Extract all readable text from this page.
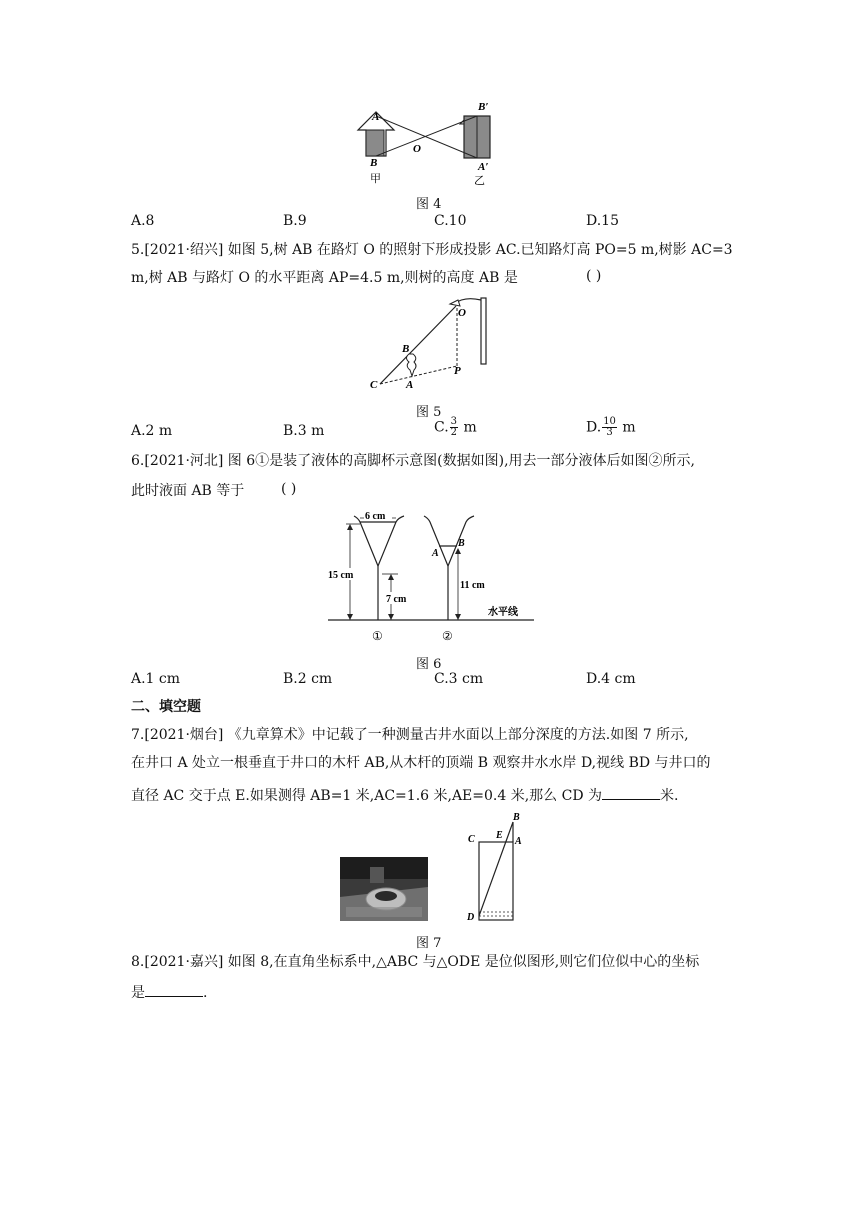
A
B
O
B′
A′
甲	乙
图 4
A.8	B.9	C.10	D.15
5.[2021·绍兴] 如图 5,树 AB 在路灯 O 的照射下形成投影 AC.已知路灯高 PO=5 m,树影 AC=3
m,树 AB 与路灯 O 的水平距离 AP=4.5 m,则树的高度 AB 是	( )
O
B
C	A
P
图 5
A.2 m	B.3 m	C. $\frac{3}{2}$ m	D. $\frac{10}{3}$ m
6.[2021·河北] 图 6①是装了液体的高脚杯示意图(数据如图),用去一部分液体后如图②所示,
此时液面 AB 等于	( )
6 cm
15 cm
7 cm
A
B
11 cm
水平线
①	②
图 6
A.1 cm	B.2 cm	C.3 cm	D.4 cm
二、填空题
7.[2021·烟台] 《九章算术》中记载了一种测量古井水面以上部分深度的方法.如图 7 所示,
在井口 A 处立一根垂直于井口的木杆 AB,从木杆的顶端 B 观察井水水岸 D,视线 BD 与井口的
直径 AC 交于点 E.如果测得 AB=1 米,AC=1.6 米,AE=0.4 米,那么 CD 为	米.
B
C E
A
D
图 7
8.[2021·嘉兴] 如图 8,在直角坐标系中,△ABC 与△ODE 是位似图形,则它们位似中心的坐标
是	.
